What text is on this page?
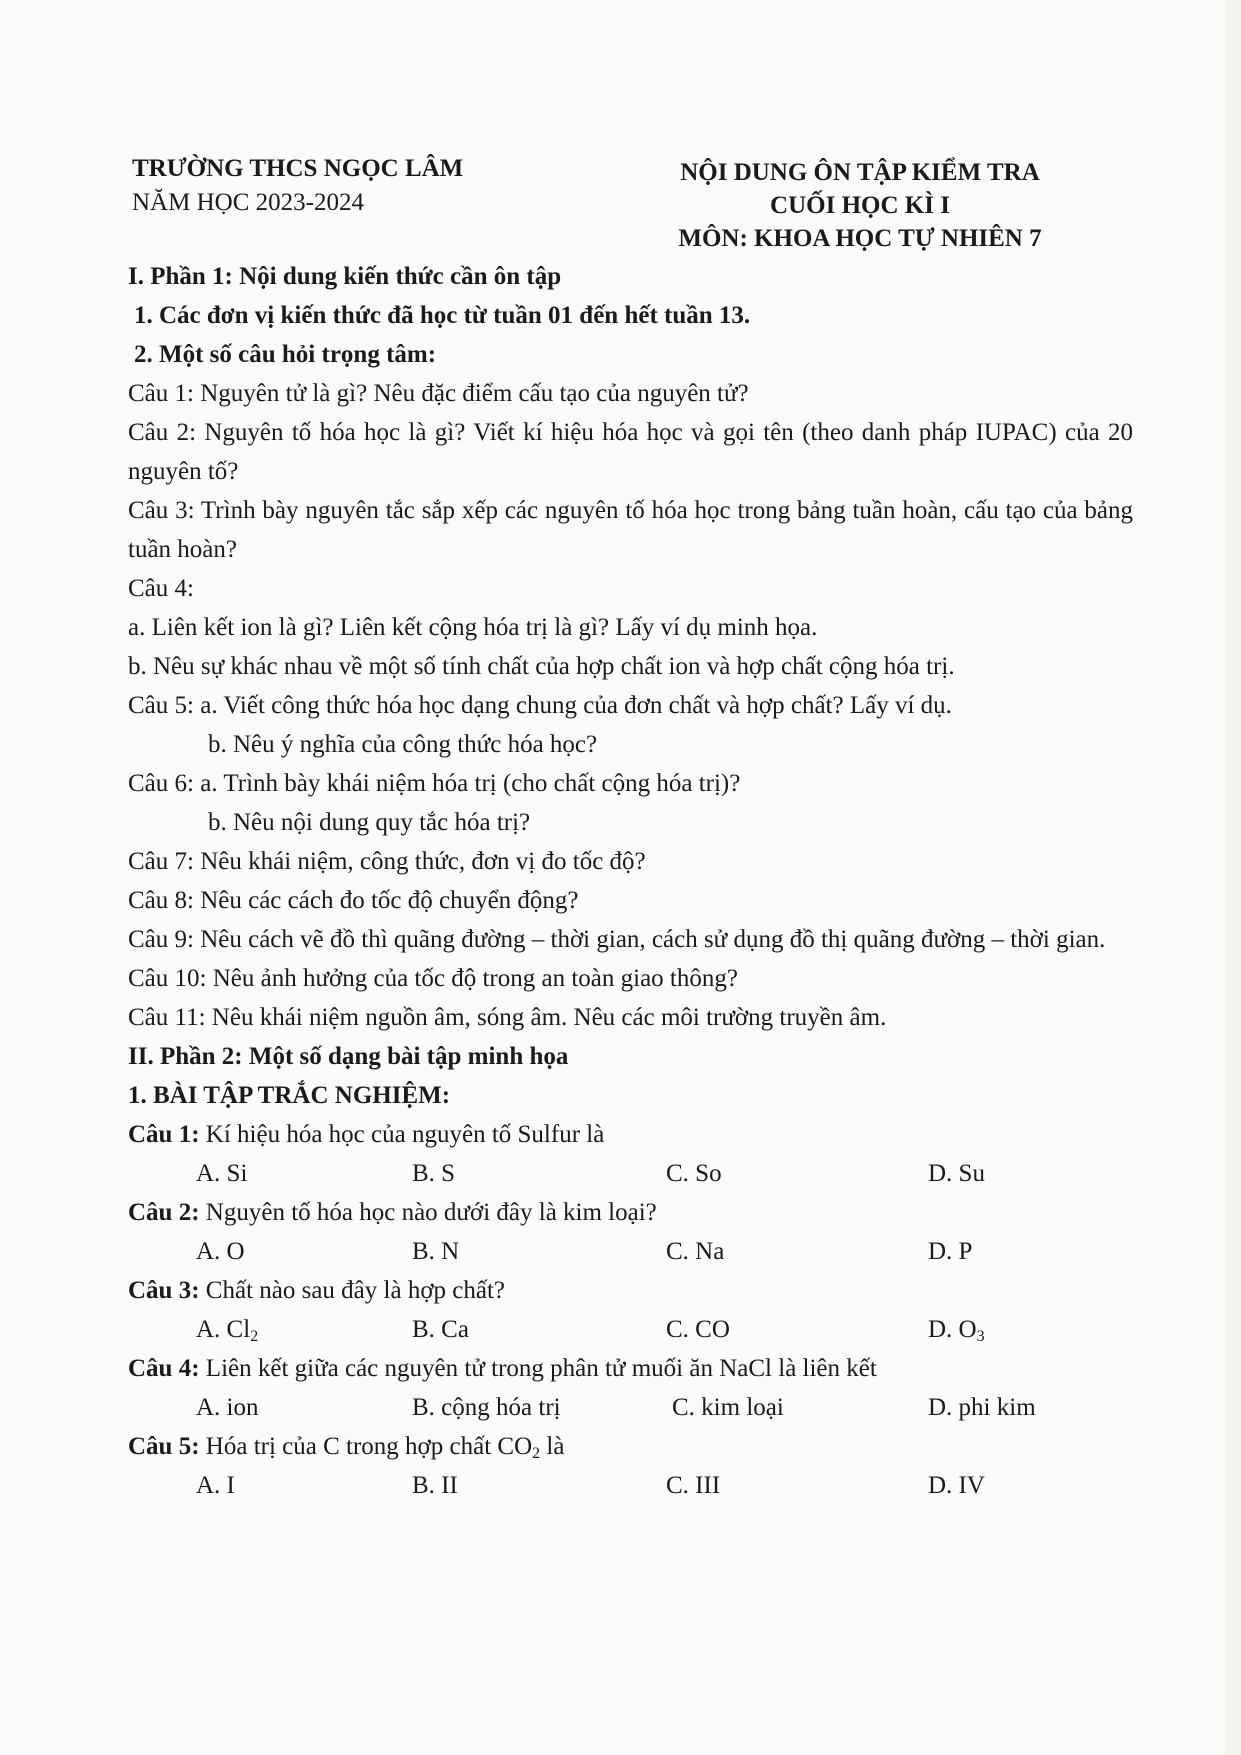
TRƯỜNG THCS NGỌC LÂM
NĂM HỌC 2023-2024
NỘI DUNG ÔN TẬP KIỂM TRA
CUỐI HỌC KÌ I
MÔN: KHOA HỌC TỰ NHIÊN 7

I. Phần 1: Nội dung kiến thức cần ôn tập

1. Các đơn vị kiến thức đã học từ tuần 01 đến hết tuần 13.

2. Một số câu hỏi trọng tâm:

Câu 1: Nguyên tử là gì? Nêu đặc điểm cấu tạo của nguyên tử?

Câu 2: Nguyên tố hóa học là gì? Viết kí hiệu hóa học và gọi tên (theo danh pháp IUPAC) của 20 nguyên tố?

Câu 3: Trình bày nguyên tắc sắp xếp các nguyên tố hóa học trong bảng tuần hoàn, cấu tạo của bảng tuần hoàn?

Câu 4:

a. Liên kết ion là gì? Liên kết cộng hóa trị là gì? Lấy ví dụ minh họa.

b. Nêu sự khác nhau về một số tính chất của hợp chất ion và hợp chất cộng hóa trị.

Câu 5: a. Viết công thức hóa học dạng chung của đơn chất và hợp chất? Lấy ví dụ.

b. Nêu ý nghĩa của công thức hóa học?

Câu 6: a. Trình bày khái niệm hóa trị (cho chất cộng hóa trị)?

b. Nêu nội dung quy tắc hóa trị?

Câu 7: Nêu khái niệm, công thức, đơn vị đo tốc độ?

Câu 8: Nêu các cách đo tốc độ chuyển động?

Câu 9: Nêu cách vẽ đồ thì quãng đường – thời gian, cách sử dụng đồ thị quãng đường – thời gian.

Câu 10: Nêu ảnh hưởng của tốc độ trong an toàn giao thông?

Câu 11: Nêu khái niệm nguồn âm, sóng âm. Nêu các môi trường truyền âm.

II. Phần 2: Một số dạng bài tập minh họa

1. BÀI TẬP TRẮC NGHIỆM:

Câu 1: Kí hiệu hóa học của nguyên tố Sulfur là

A. Si	B. S	C. So	D. Su

Câu 2: Nguyên tố hóa học nào dưới đây là kim loại?

A. O	B. N	C. Na	D. P

Câu 3: Chất nào sau đây là hợp chất?

A. $Cl_2$	B. Ca	C. CO	D. $O_3$

Câu 4: Liên kết giữa các nguyên tử trong phân tử muối ăn NaCl là liên kết

A. ion	B. cộng hóa trị	C. kim loại	D. phi kim

Câu 5: Hóa trị của C trong hợp chất $CO_2$ là

A. I	B. II	C. III	D. IV
